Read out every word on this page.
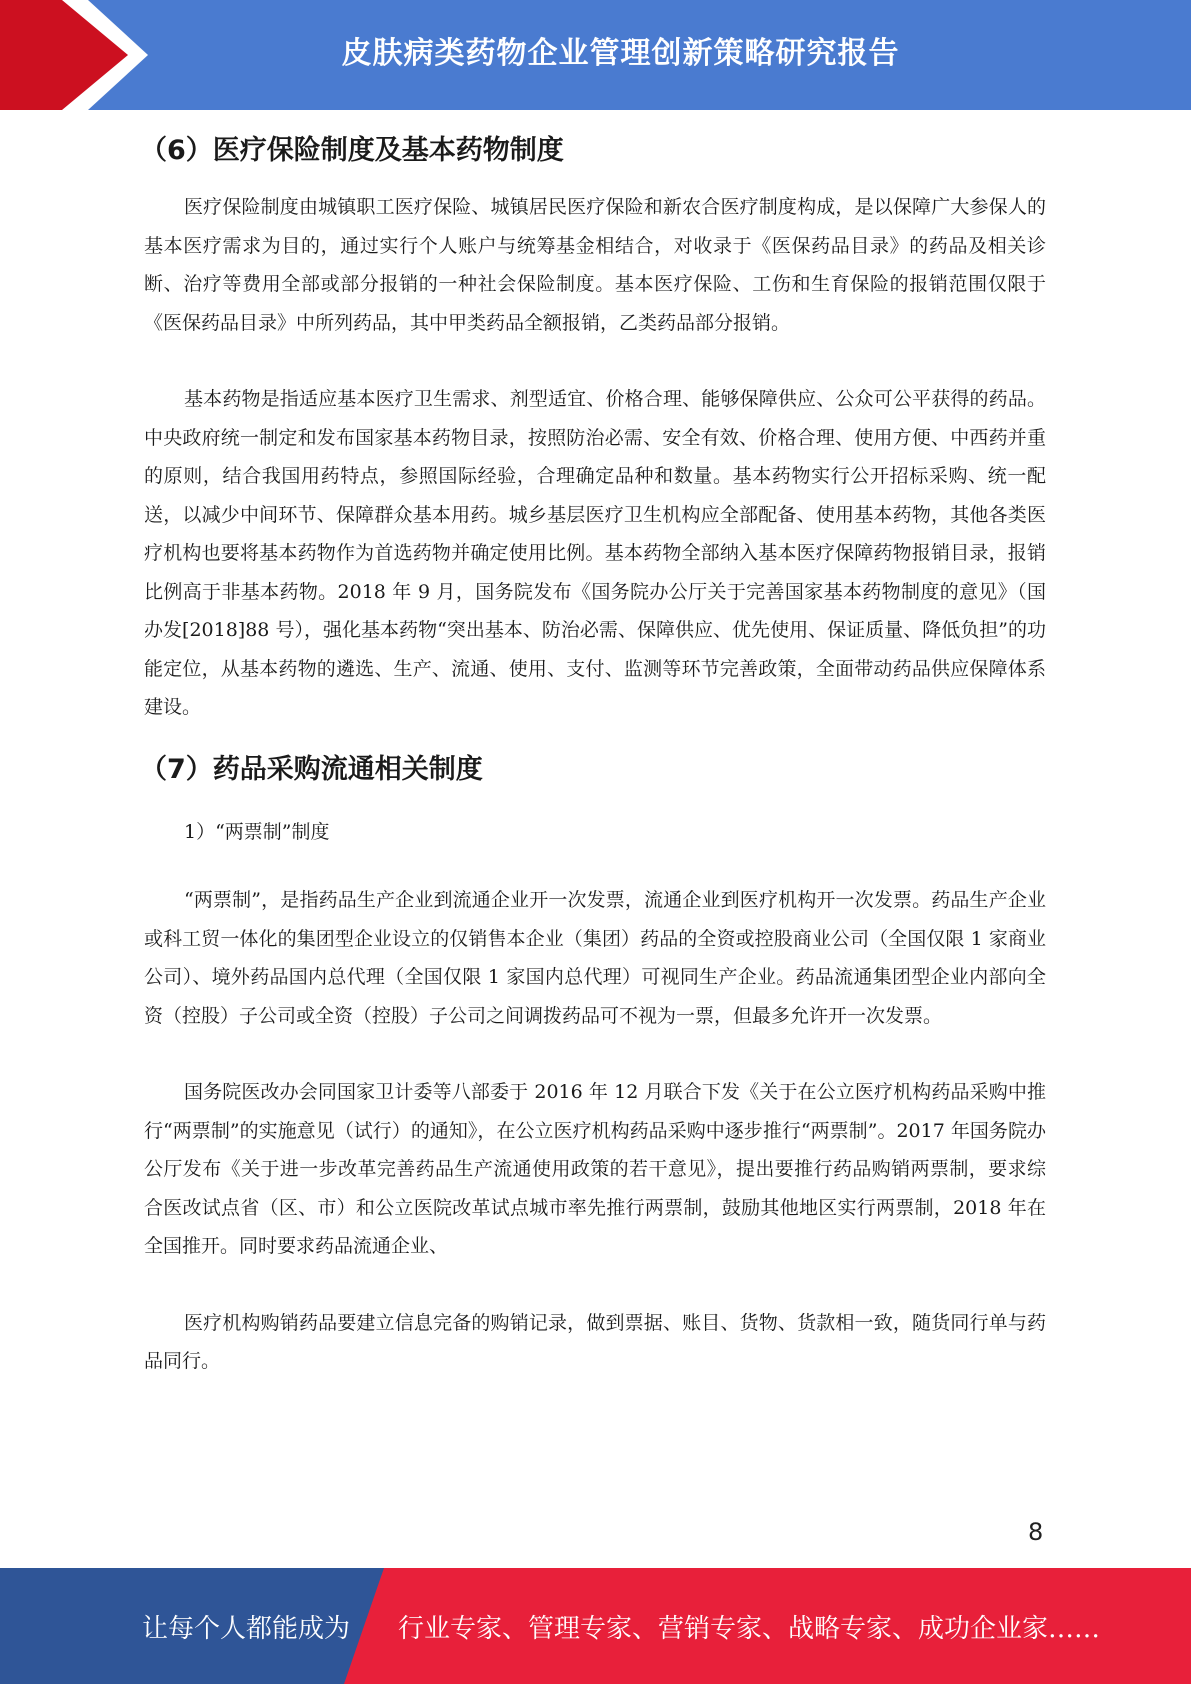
皮肤病类药物企业管理创新策略研究报告
（6）医疗保险制度及基本药物制度

医疗保险制度由城镇职工医疗保险、城镇居民医疗保险和新农合医疗制度构成，是以保障广大参保人的基本医疗需求为目的，通过实行个人账户与统筹基金相结合，对收录于《医保药品目录》的药品及相关诊断、治疗等费用全部或部分报销的一种社会保险制度。基本医疗保险、工伤和生育保险的报销范围仅限于《医保药品目录》中所列药品，其中甲类药品全额报销，乙类药品部分报销。

基本药物是指适应基本医疗卫生需求、剂型适宜、价格合理、能够保障供应、公众可公平获得的药品。中央政府统一制定和发布国家基本药物目录，按照防治必需、安全有效、价格合理、使用方便、中西药并重的原则，结合我国用药特点，参照国际经验，合理确定品种和数量。基本药物实行公开招标采购、统一配送，以减少中间环节、保障群众基本用药。城乡基层医疗卫生机构应全部配备、使用基本药物，其他各类医疗机构也要将基本药物作为首选药物并确定使用比例。基本药物全部纳入基本医疗保障药物报销目录，报销比例高于非基本药物。2018 年 9 月，国务院发布《国务院办公厅关于完善国家基本药物制度的意见》（国办发[2018]88 号），强化基本药物“突出基本、防治必需、保障供应、优先使用、保证质量、降低负担”的功能定位，从基本药物的遴选、生产、流通、使用、支付、监测等环节完善政策，全面带动药品供应保障体系建设。

（7）药品采购流通相关制度

1）“两票制”制度

“两票制”，是指药品生产企业到流通企业开一次发票，流通企业到医疗机构开一次发票。药品生产企业或科工贸一体化的集团型企业设立的仅销售本企业（集团）药品的全资或控股商业公司（全国仅限 1 家商业公司）、境外药品国内总代理（全国仅限 1 家国内总代理）可视同生产企业。药品流通集团型企业内部向全资（控股）子公司或全资（控股）子公司之间调拨药品可不视为一票，但最多允许开一次发票。

国务院医改办会同国家卫计委等八部委于 2016 年 12 月联合下发《关于在公立医疗机构药品采购中推行“两票制”的实施意见（试行）的通知》，在公立医疗机构药品采购中逐步推行“两票制”。2017 年国务院办公厅发布《关于进一步改革完善药品生产流通使用政策的若干意见》，提出要推行药品购销两票制，要求综合医改试点省（区、市）和公立医院改革试点城市率先推行两票制，鼓励其他地区实行两票制，2018 年在全国推开。同时要求药品流通企业、

医疗机构购销药品要建立信息完备的购销记录，做到票据、账目、货物、货款相一致，随货同行单与药品同行。

8
让每个人都能成为 行业专家、管理专家、营销专家、战略专家、成功企业家……
